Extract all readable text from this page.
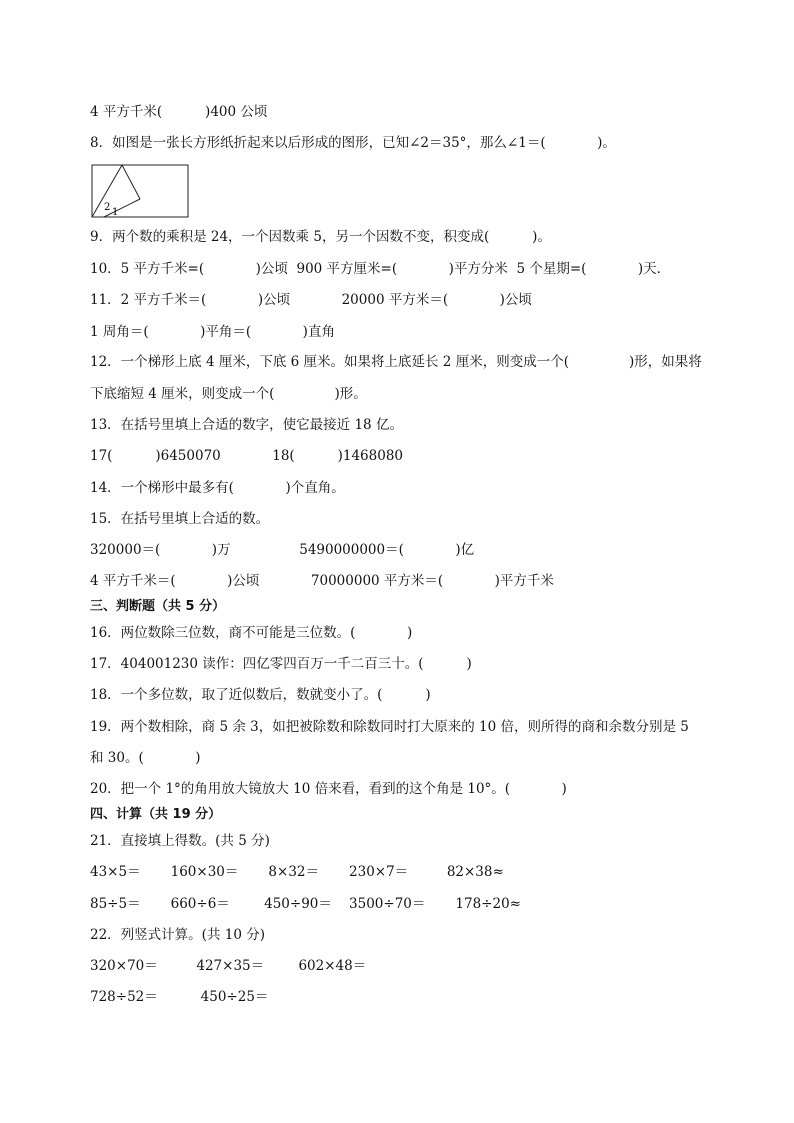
4 平方千米(          )400 公顷
8．如图是一张长方形纸折起来以后形成的图形，已知∠2＝35°，那么∠1＝(            )。
2 1
9．两个数的乘积是 24，一个因数乘 5，另一个因数不变，积变成(          )。
10．5 平方千米=(            )公顷  900 平方厘米=(            )平方分米  5 个星期=(            )天．
11．2 平方千米＝(            )公顷            20000 平方米＝(            )公顷
1 周角＝(            )平角＝(            )直角
12．一个梯形上底 4 厘米，下底 6 厘米。如果将上底延长 2 厘米，则变成一个(              )形，如果将
下底缩短 4 厘米，则变成一个(              )形。
13．在括号里填上合适的数字，使它最接近 18 亿。
17(          )6450070            18(          )1468080
14．一个梯形中最多有(            )个直角。
15．在括号里填上合适的数。
320000＝(            )万                5490000000＝(            )亿
4 平方千米＝(            )公顷            70000000 平方米＝(            )平方千米
三、判断题（共 5 分）
16．两位数除三位数，商不可能是三位数。(            )
17．404001230 读作：四亿零四百万一千二百三十。(          )
18．一个多位数，取了近似数后，数就变小了。(          )
19．两个数相除，商 5 余 3，如把被除数和除数同时打大原来的 10 倍，则所得的商和余数分别是 5
和 30。(            )
20．把一个 1°的角用放大镜放大 10 倍来看，看到的这个角是 10°。(            )
四、计算（共 19 分）
21．直接填上得数。(共 5 分)
43×5＝       160×30＝       8×32＝       230×7＝         82×38≈
85÷5＝       660÷6＝        450÷90＝    3500÷70＝       178÷20≈
22．列竖式计算。(共 10 分)
320×70＝         427×35＝        602×48＝
728÷52＝          450÷25＝
